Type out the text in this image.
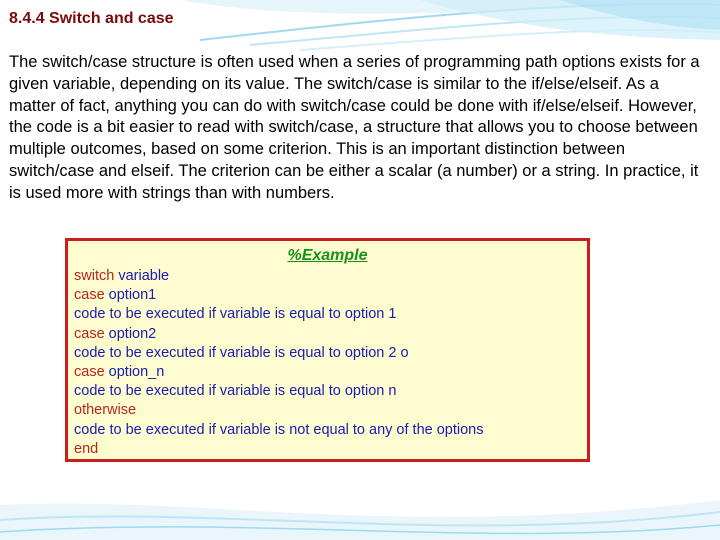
8.4.4 Switch and case

The switch/case structure is often used when a series of programming path options exists for a given variable, depending on its value. The switch/case is similar to the if/else/elseif. As a matter of fact, anything you can do with switch/case could be done with if/else/elseif. However, the code is a bit easier to read with switch/case, a structure that allows you to choose between multiple outcomes, based on some criterion. This is an important distinction between switch/case and elseif. The criterion can be either a scalar (a number) or a string. In practice, it is used more with strings than with numbers.

%Example
switch variable
case option1
code to be executed if variable is equal to option 1
case option2
code to be executed if variable is equal to option 2 o
case option_n
code to be executed if variable is equal to option n
otherwise
code to be executed if variable is not equal to any of the options
end
